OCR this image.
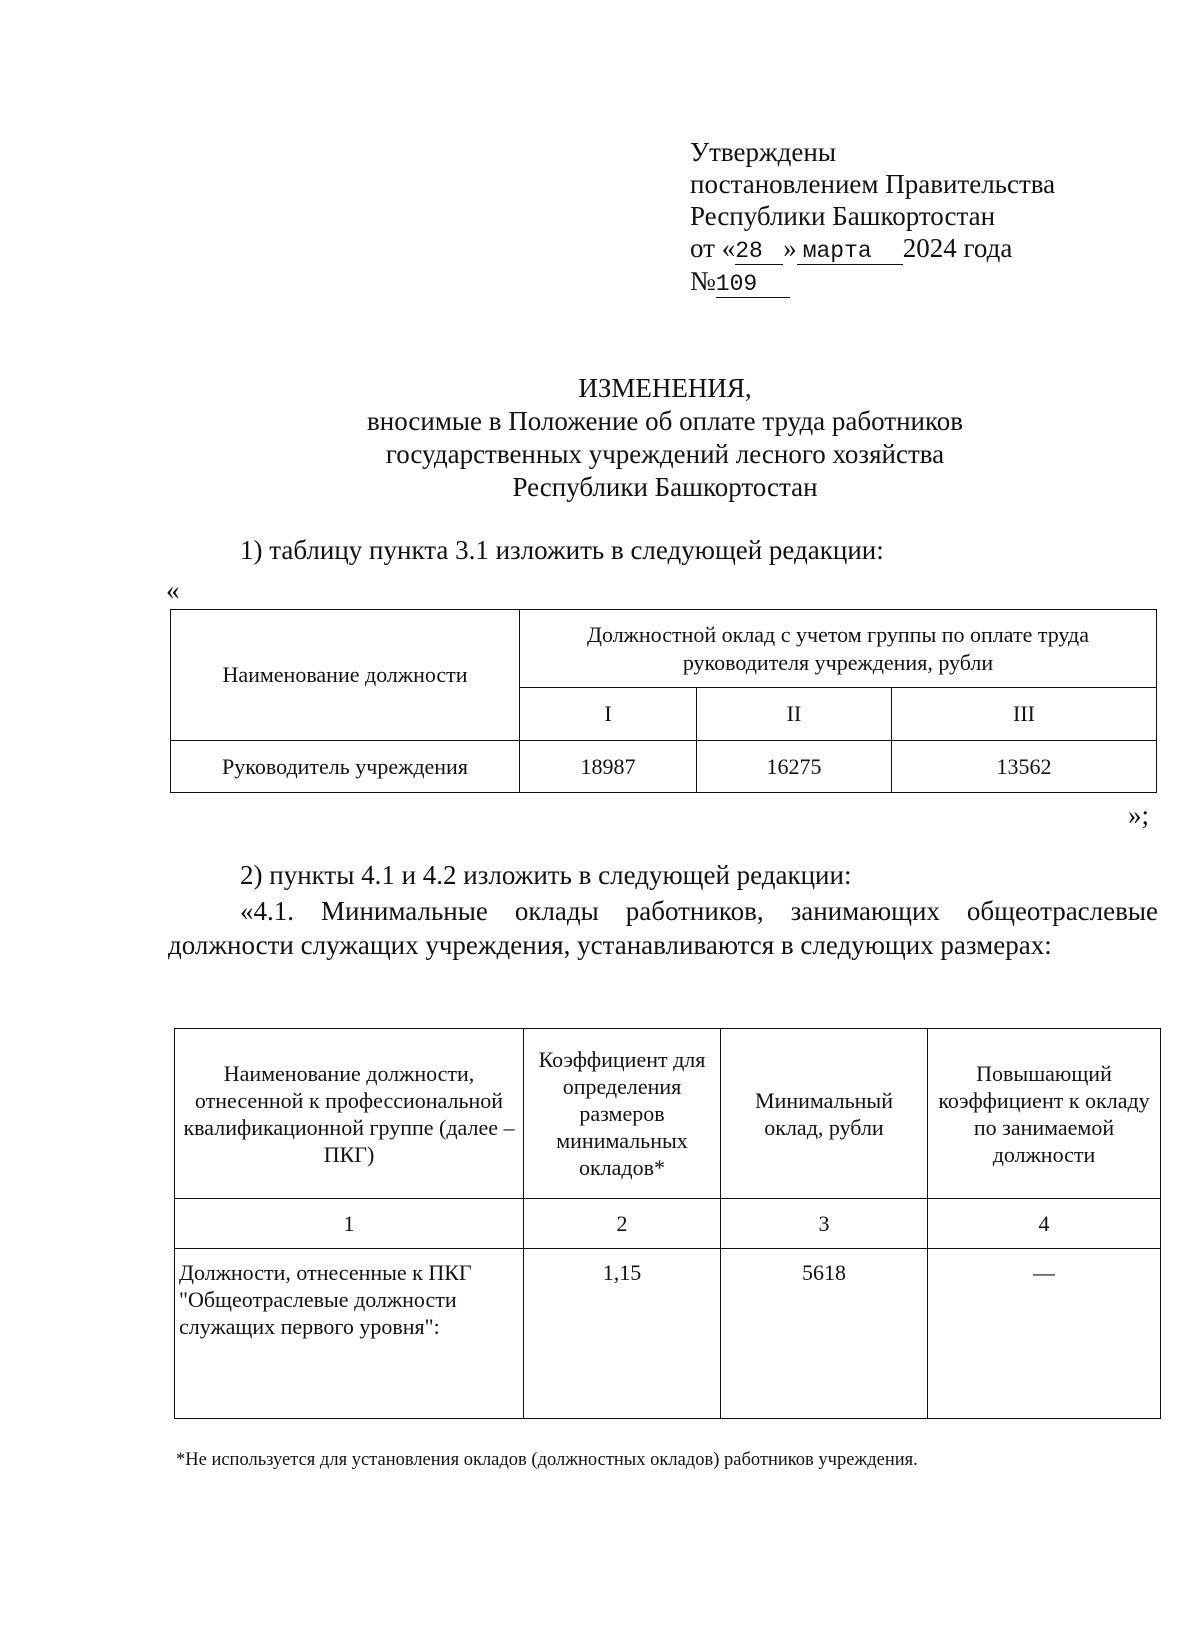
Утверждены
постановлением Правительства
Республики Башкортостан
от «28 » марта 2024 года
№109
ИЗМЕНЕНИЯ,
вносимые в Положение об оплате труда работников
государственных учреждений лесного хозяйства
Республики Башкортостан
1) таблицу пункта 3.1 изложить в следующей редакции:
«
Наименование должности	Должностной оклад с учетом группы по оплате труда руководителя учреждения, рубли		
	I	II	III
Руководитель учреждения	18987	16275	13562
»;
2) пункты 4.1 и 4.2 изложить в следующей редакции:
«4.1. Минимальные оклады работников, занимающих общеотраслевые должности служащих учреждения, устанавливаются в следующих размерах:
Наименование должности, отнесенной к профессиональной квалификационной группе (далее – ПКГ)	Коэффициент для определения размеров минимальных окладов*	Минимальный оклад, рубли	Повышающий коэффициент к окладу по занимаемой должности
1	2	3	4
Должности, отнесенные к ПКГ "Общеотраслевые должности служащих первого уровня":	1,15	5618	—
*Не используется для установления окладов (должностных окладов) работников учреждения.
